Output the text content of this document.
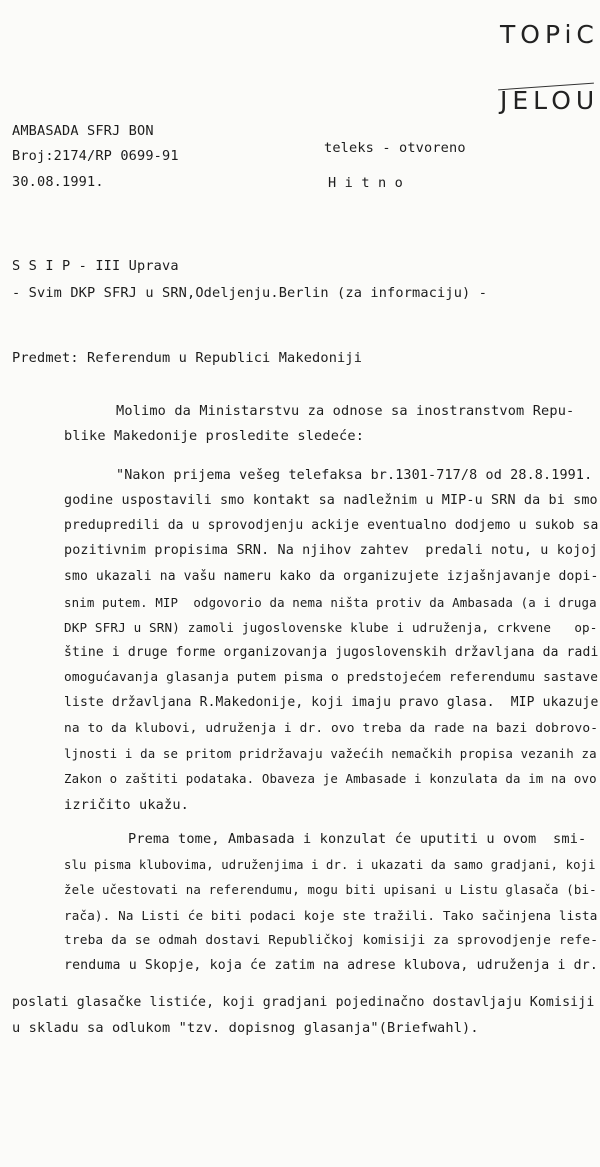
TOPiC
JELOU
AMBASADA SFRJ BON
Broj:2174/RP 0699-91
30.08.1991.
teleks - otvoreno
H i t n o
S S I P - III Uprava
- Svim DKP SFRJ u SRN,Odeljenju.Berlin (za informaciju) -
Predmet: Referendum u Republici Makedoniji
Molimo da Ministarstvu za odnose sa inostranstvom Repu-
blike Makedonije prosledite sledeće:
"Nakon prijema vešeg telefaksa br.1301-717/8 od 28.8.1991.
godine uspostavili smo kontakt sa nadležnim u MIP-u SRN da bi smo
predupredili da u sprovodjenju ackije eventualno dodjemo u sukob sa
pozitivnim propisima SRN. Na njihov zahtev  predali notu, u kojoj
smo ukazali na vašu nameru kako da organizujete izjašnjavanje dopi-
snim putem. MIP  odgovorio da nema ništa protiv da Ambasada (a i druga
DKP SFRJ u SRN) zamoli jugoslovenske klube i udruženja, crkvene   op-
štine i druge forme organizovanja jugoslovenskih državljana da radi
omogućavanja glasanja putem pisma o predstojećem referendumu sastave
liste državljana R.Makedonije, koji imaju pravo glasa.  MIP ukazuje
na to da klubovi, udruženja i dr. ovo treba da rade na bazi dobrovo-
ljnosti i da se pritom pridržavaju važećih nemačkih propisa vezanih za
Zakon o zaštiti podataka. Obaveza je Ambasade i konzulata da im na ovo
izričito ukažu.
Prema tome, Ambasada i konzulat će uputiti u ovom  smi-
slu pisma klubovima, udruženjima i dr. i ukazati da samo gradjani, koji
žele učestovati na referendumu, mogu biti upisani u Listu glasača (bi-
rača). Na Listi će biti podaci koje ste tražili. Tako sačinjena lista
treba da se odmah dostavi Republičkoj komisiji za sprovodjenje refe-
renduma u Skopje, koja će zatim na adrese klubova, udruženja i dr.
poslati glasačke listiće, koji gradjani pojedinačno dostavljaju Komisiji
u skladu sa odlukom "tzv. dopisnog glasanja"(Briefwahl).
